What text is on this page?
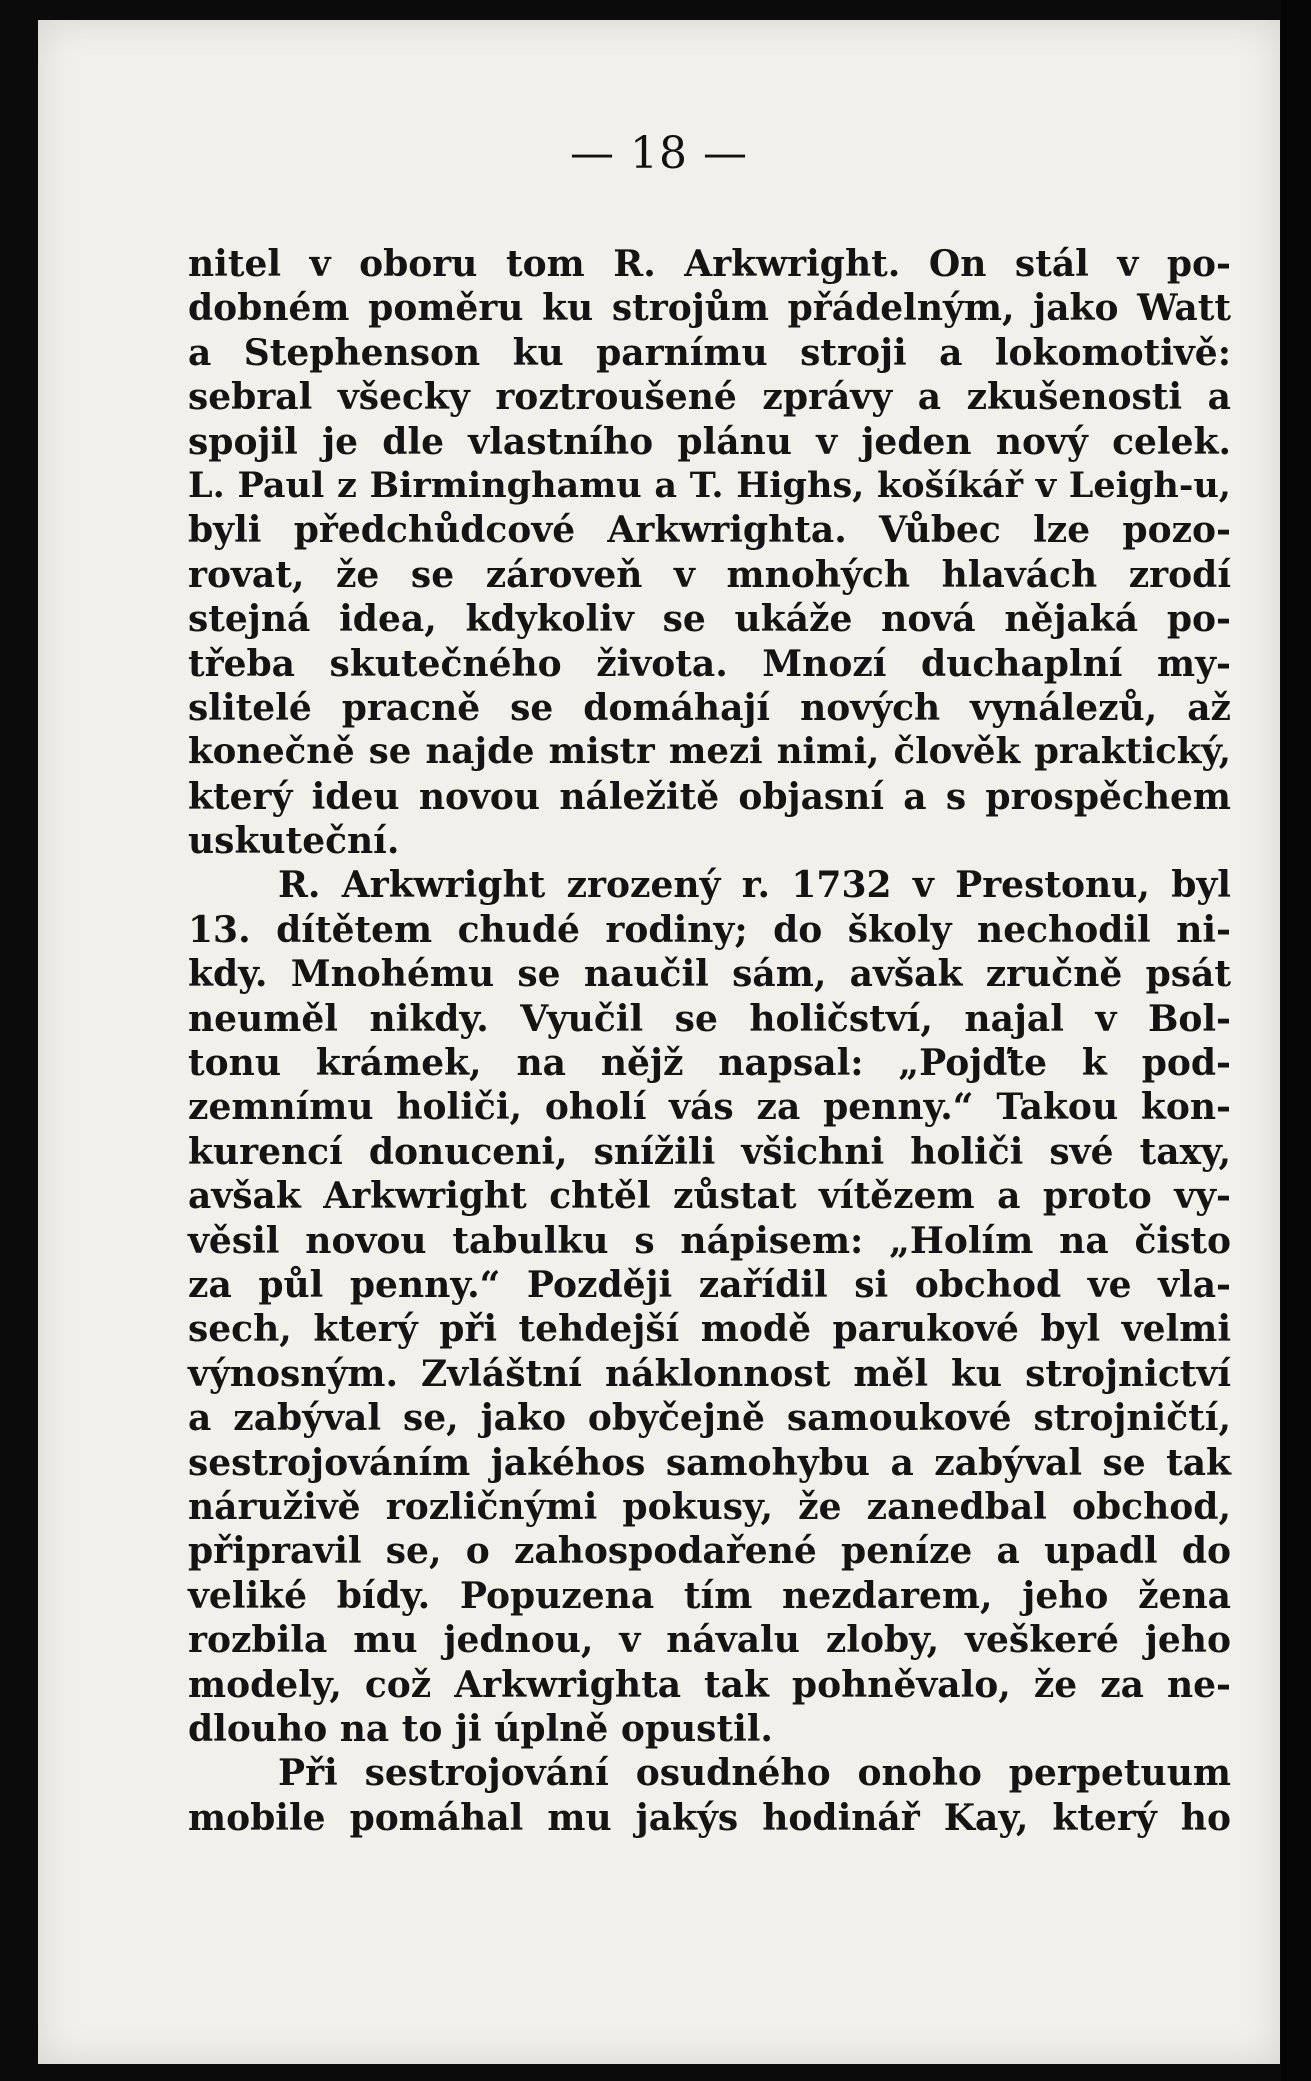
— 18 —
nitel v oboru tom R. Arkwright. On stál v po-
dobném poměru ku strojům přádelným, jako Watt
a Stephenson ku parnímu stroji a lokomotivě:
sebral všecky roztroušené zprávy a zkušenosti a
spojil je dle vlastního plánu v jeden nový celek.
L. Paul z Birminghamu a T. Highs, košíkář v Leigh-u,
byli předchůdcové Arkwrighta. Vůbec lze pozo-
rovat, že se zároveň v mnohých hlavách zrodí
stejná idea, kdykoliv se ukáže nová nějaká po-
třeba skutečného života. Mnozí duchaplní my-
slitelé pracně se domáhají nových vynálezů, až
konečně se najde mistr mezi nimi, člověk praktický,
který ideu novou náležitě objasní a s prospěchem
uskuteční.
R. Arkwright zrozený r. 1732 v Prestonu, byl
13. dítětem chudé rodiny; do školy nechodil ni-
kdy. Mnohému se naučil sám, avšak zručně psát
neuměl nikdy. Vyučil se holičství, najal v Bol-
tonu krámek, na nějž napsal: „Pojďte k pod-
zemnímu holiči, oholí vás za penny.“ Takou kon-
kurencí donuceni, snížili všichni holiči své taxy,
avšak Arkwright chtěl zůstat vítězem a proto vy-
věsil novou tabulku s nápisem: „Holím na čisto
za půl penny.“ Později zařídil si obchod ve vla-
sech, který při tehdejší modě parukové byl velmi
výnosným. Zvláštní náklonnost měl ku strojnictví
a zabýval se, jako obyčejně samoukové strojničtí,
sestrojováním jakéhos samohybu a zabýval se tak
náruživě rozličnými pokusy, že zanedbal obchod,
připravil se, o zahospodařené peníze a upadl do
veliké bídy. Popuzena tím nezdarem, jeho žena
rozbila mu jednou, v návalu zloby, veškeré jeho
modely, což Arkwrighta tak pohněvalo, že za ne-
dlouho na to ji úplně opustil.
Při sestrojování osudného onoho perpetuum
mobile pomáhal mu jakýs hodinář Kay, který ho
